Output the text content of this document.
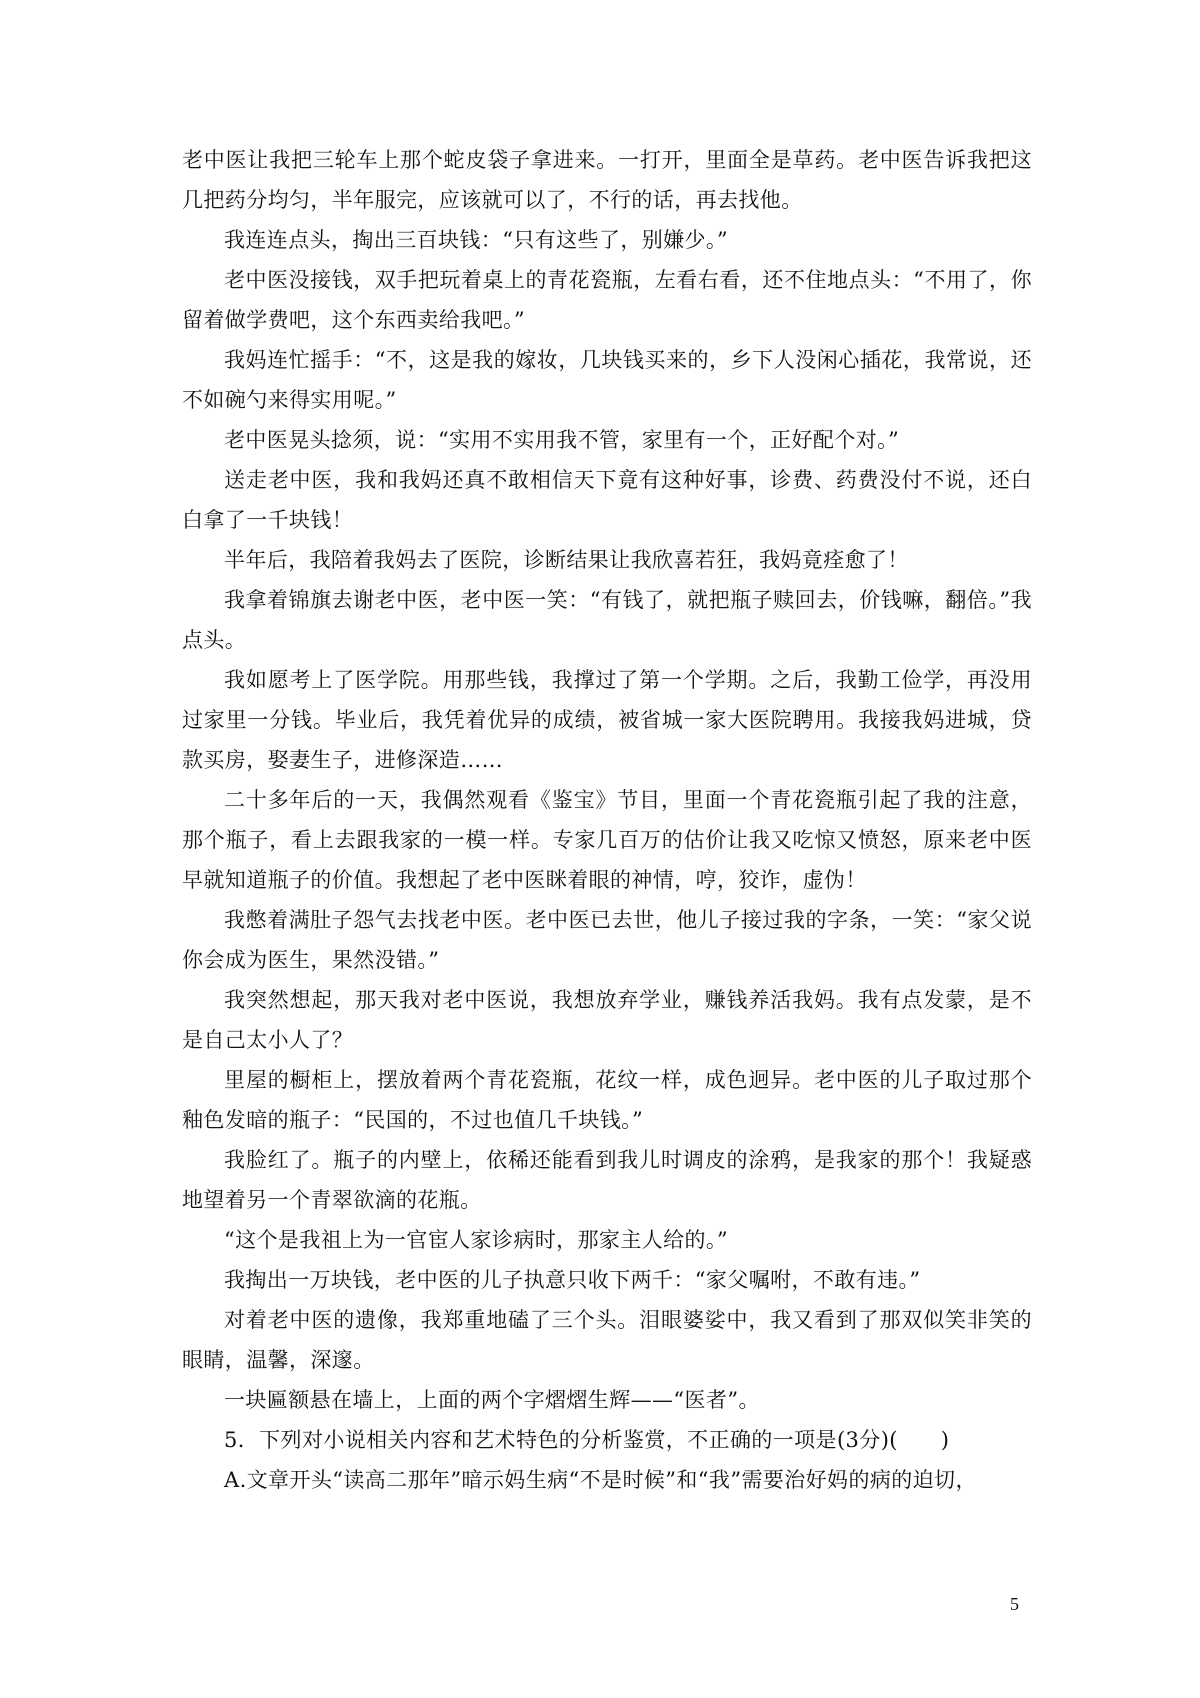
老中医让我把三轮车上那个蛇皮袋子拿进来。一打开，里面全是草药。老中医告诉我把这几把药分均匀，半年服完，应该就可以了，不行的话，再去找他。

我连连点头，掏出三百块钱：“只有这些了，别嫌少。”

老中医没接钱，双手把玩着桌上的青花瓷瓶，左看右看，还不住地点头：“不用了，你留着做学费吧，这个东西卖给我吧。”

我妈连忙摇手：“不，这是我的嫁妆，几块钱买来的，乡下人没闲心插花，我常说，还不如碗勺来得实用呢。”

老中医晃头捻须，说：“实用不实用我不管，家里有一个，正好配个对。”

送走老中医，我和我妈还真不敢相信天下竟有这种好事，诊费、药费没付不说，还白白拿了一千块钱！

半年后，我陪着我妈去了医院，诊断结果让我欣喜若狂，我妈竟痊愈了！

我拿着锦旗去谢老中医，老中医一笑：“有钱了，就把瓶子赎回去，价钱嘛，翻倍。”我点头。

我如愿考上了医学院。用那些钱，我撑过了第一个学期。之后，我勤工俭学，再没用过家里一分钱。毕业后，我凭着优异的成绩，被省城一家大医院聘用。我接我妈进城，贷款买房，娶妻生子，进修深造……

二十多年后的一天，我偶然观看《鉴宝》节目，里面一个青花瓷瓶引起了我的注意，那个瓶子，看上去跟我家的一模一样。专家几百万的估价让我又吃惊又愤怒，原来老中医早就知道瓶子的价值。我想起了老中医眯着眼的神情，哼，狡诈，虚伪！

我憋着满肚子怨气去找老中医。老中医已去世，他儿子接过我的字条，一笑：“家父说你会成为医生，果然没错。”

我突然想起，那天我对老中医说，我想放弃学业，赚钱养活我妈。我有点发蒙，是不是自己太小人了？

里屋的橱柜上，摆放着两个青花瓷瓶，花纹一样，成色迥异。老中医的儿子取过那个釉色发暗的瓶子：“民国的，不过也值几千块钱。”

我脸红了。瓶子的内壁上，依稀还能看到我儿时调皮的涂鸦，是我家的那个！我疑惑地望着另一个青翠欲滴的花瓶。

“这个是我祖上为一官宦人家诊病时，那家主人给的。”

我掏出一万块钱，老中医的儿子执意只收下两千：“家父嘱咐，不敢有违。”

对着老中医的遗像，我郑重地磕了三个头。泪眼婆娑中，我又看到了那双似笑非笑的眼睛，温馨，深邃。

一块匾额悬在墙上，上面的两个字熠熠生辉——“医者”。

5．下列对小说相关内容和艺术特色的分析鉴赏，不正确的一项是(3分)(　　)

A.文章开头“读高二那年”暗示妈生病“不是时候”和“我”需要治好妈的病的迫切，

5
